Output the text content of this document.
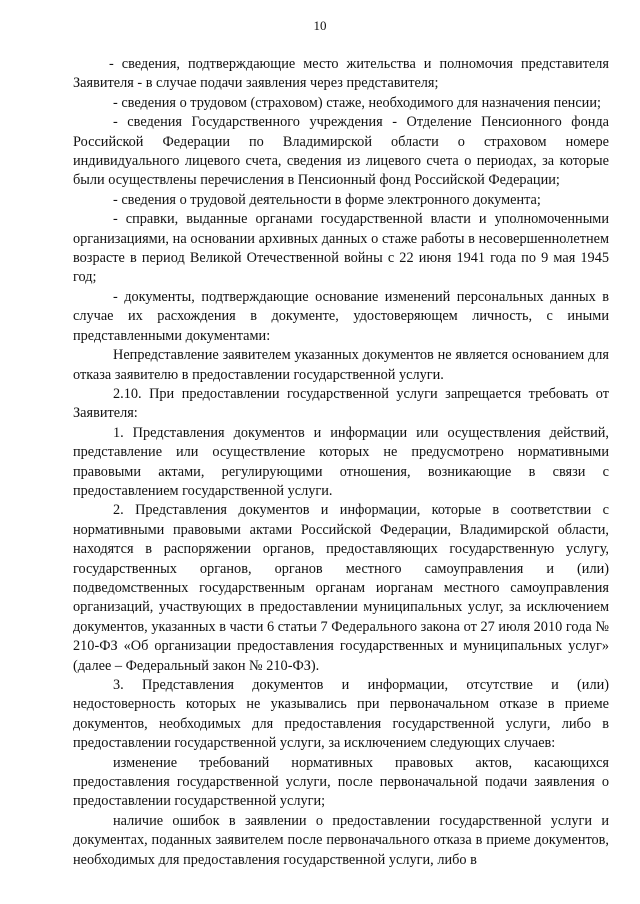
10

- сведения, подтверждающие место жительства и полномочия представителя Заявителя - в случае подачи заявления через представителя;

- сведения о трудовом (страховом) стаже, необходимого для назначения пенсии;

- сведения Государственного учреждения - Отделение Пенсионного фонда Российской Федерации по Владимирской области о страховом номере индивидуального лицевого счета, сведения из лицевого счета о периодах, за которые были осуществлены перечисления в Пенсионный фонд Российской Федерации;

- сведения о трудовой деятельности в форме электронного документа;

- справки, выданные органами государственной власти и уполномоченными организациями, на основании архивных данных о стаже работы в несовершеннолетнем возрасте в период Великой Отечественной войны с 22 июня 1941 года по 9 мая 1945 год;

- документы, подтверждающие основание изменений персональных данных в случае их расхождения в документе, удостоверяющем личность, с иными представленными документами:

Непредставление заявителем указанных документов не является основанием для отказа заявителю в предоставлении государственной услуги.

2.10. При предоставлении государственной услуги запрещается требовать от Заявителя:

1. Представления документов и информации или осуществления действий, представление или осуществление которых не предусмотрено нормативными правовыми актами, регулирующими отношения, возникающие в связи с предоставлением государственной услуги.

2. Представления документов и информации, которые в соответствии с нормативными правовыми актами Российской Федерации, Владимирской области, находятся в распоряжении органов, предоставляющих государственную услугу, государственных органов, органов местного самоуправления и (или) подведомственных государственным органам иорганам местного самоуправления организаций, участвующих в предоставлении муниципальных услуг, за исключением документов, указанных в части 6 статьи 7 Федерального закона от 27 июля 2010 года № 210-ФЗ «Об организации предоставления государственных и муниципальных услуг» (далее – Федеральный закон № 210-ФЗ).

3. Представления документов и информации, отсутствие и (или) недостоверность которых не указывались при первоначальном отказе в приеме документов, необходимых для предоставления государственной услуги, либо в предоставлении государственной услуги, за исключением следующих случаев:

изменение требований нормативных правовых актов, касающихся предоставления государственной услуги, после первоначальной подачи заявления о предоставлении государственной услуги;

наличие ошибок в заявлении о предоставлении государственной услуги и документах, поданных заявителем после первоначального отказа в приеме документов, необходимых для предоставления государственной услуги, либо в
